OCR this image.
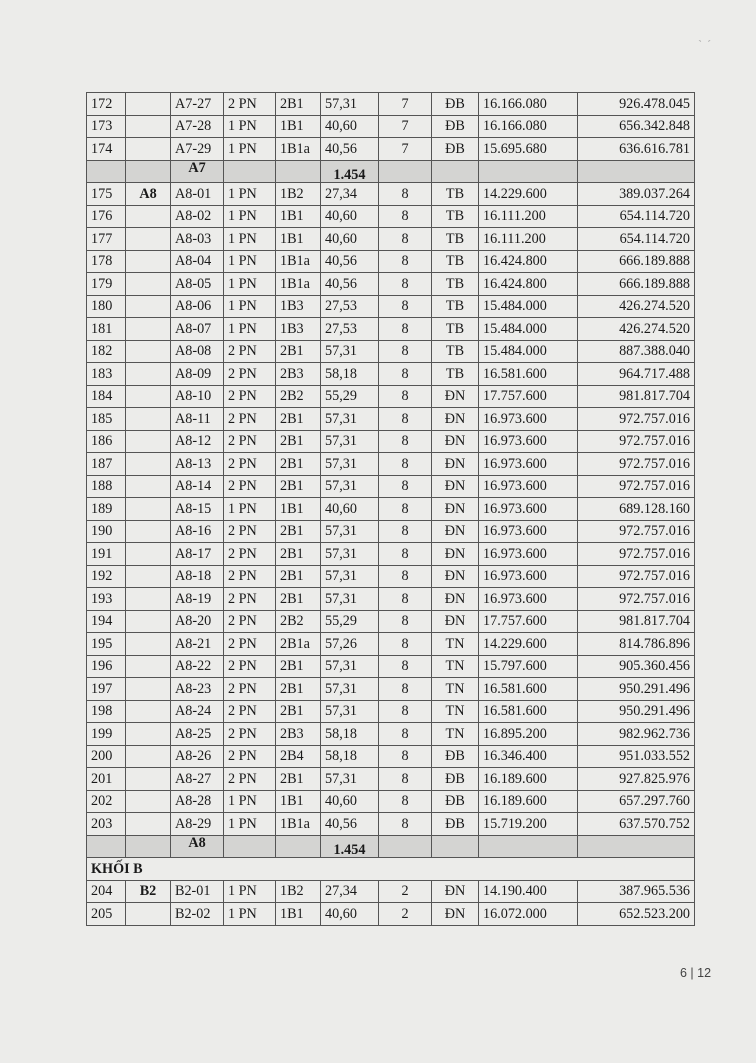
172		A7-27	2 PN	2B1	57,31	7	ĐB	16.166.080	926.478.045
173		A7-28	1 PN	1B1	40,60	7	ĐB	16.166.080	656.342.848
174		A7-29	1 PN	1B1a	40,56	7	ĐB	15.695.680	636.616.781
		A7			1.454				
175	A8	A8-01	1 PN	1B2	27,34	8	TB	14.229.600	389.037.264
176		A8-02	1 PN	1B1	40,60	8	TB	16.111.200	654.114.720
177		A8-03	1 PN	1B1	40,60	8	TB	16.111.200	654.114.720
178		A8-04	1 PN	1B1a	40,56	8	TB	16.424.800	666.189.888
179		A8-05	1 PN	1B1a	40,56	8	TB	16.424.800	666.189.888
180		A8-06	1 PN	1B3	27,53	8	TB	15.484.000	426.274.520
181		A8-07	1 PN	1B3	27,53	8	TB	15.484.000	426.274.520
182		A8-08	2 PN	2B1	57,31	8	TB	15.484.000	887.388.040
183		A8-09	2 PN	2B3	58,18	8	TB	16.581.600	964.717.488
184		A8-10	2 PN	2B2	55,29	8	ĐN	17.757.600	981.817.704
185		A8-11	2 PN	2B1	57,31	8	ĐN	16.973.600	972.757.016
186		A8-12	2 PN	2B1	57,31	8	ĐN	16.973.600	972.757.016
187		A8-13	2 PN	2B1	57,31	8	ĐN	16.973.600	972.757.016
188		A8-14	2 PN	2B1	57,31	8	ĐN	16.973.600	972.757.016
189		A8-15	1 PN	1B1	40,60	8	ĐN	16.973.600	689.128.160
190		A8-16	2 PN	2B1	57,31	8	ĐN	16.973.600	972.757.016
191		A8-17	2 PN	2B1	57,31	8	ĐN	16.973.600	972.757.016
192		A8-18	2 PN	2B1	57,31	8	ĐN	16.973.600	972.757.016
193		A8-19	2 PN	2B1	57,31	8	ĐN	16.973.600	972.757.016
194		A8-20	2 PN	2B2	55,29	8	ĐN	17.757.600	981.817.704
195		A8-21	2 PN	2B1a	57,26	8	TN	14.229.600	814.786.896
196		A8-22	2 PN	2B1	57,31	8	TN	15.797.600	905.360.456
197		A8-23	2 PN	2B1	57,31	8	TN	16.581.600	950.291.496
198		A8-24	2 PN	2B1	57,31	8	TN	16.581.600	950.291.496
199		A8-25	2 PN	2B3	58,18	8	TN	16.895.200	982.962.736
200		A8-26	2 PN	2B4	58,18	8	ĐB	16.346.400	951.033.552
201		A8-27	2 PN	2B1	57,31	8	ĐB	16.189.600	927.825.976
202		A8-28	1 PN	1B1	40,60	8	ĐB	16.189.600	657.297.760
203		A8-29	1 PN	1B1a	40,56	8	ĐB	15.719.200	637.570.752
		A8			1.454				
KHỐI B									
204	B2	B2-01	1 PN	1B2	27,34	2	ĐN	14.190.400	387.965.536
205		B2-02	1 PN	1B1	40,60	2	ĐN	16.072.000	652.523.200
6 | 12
ˎ ˏ
